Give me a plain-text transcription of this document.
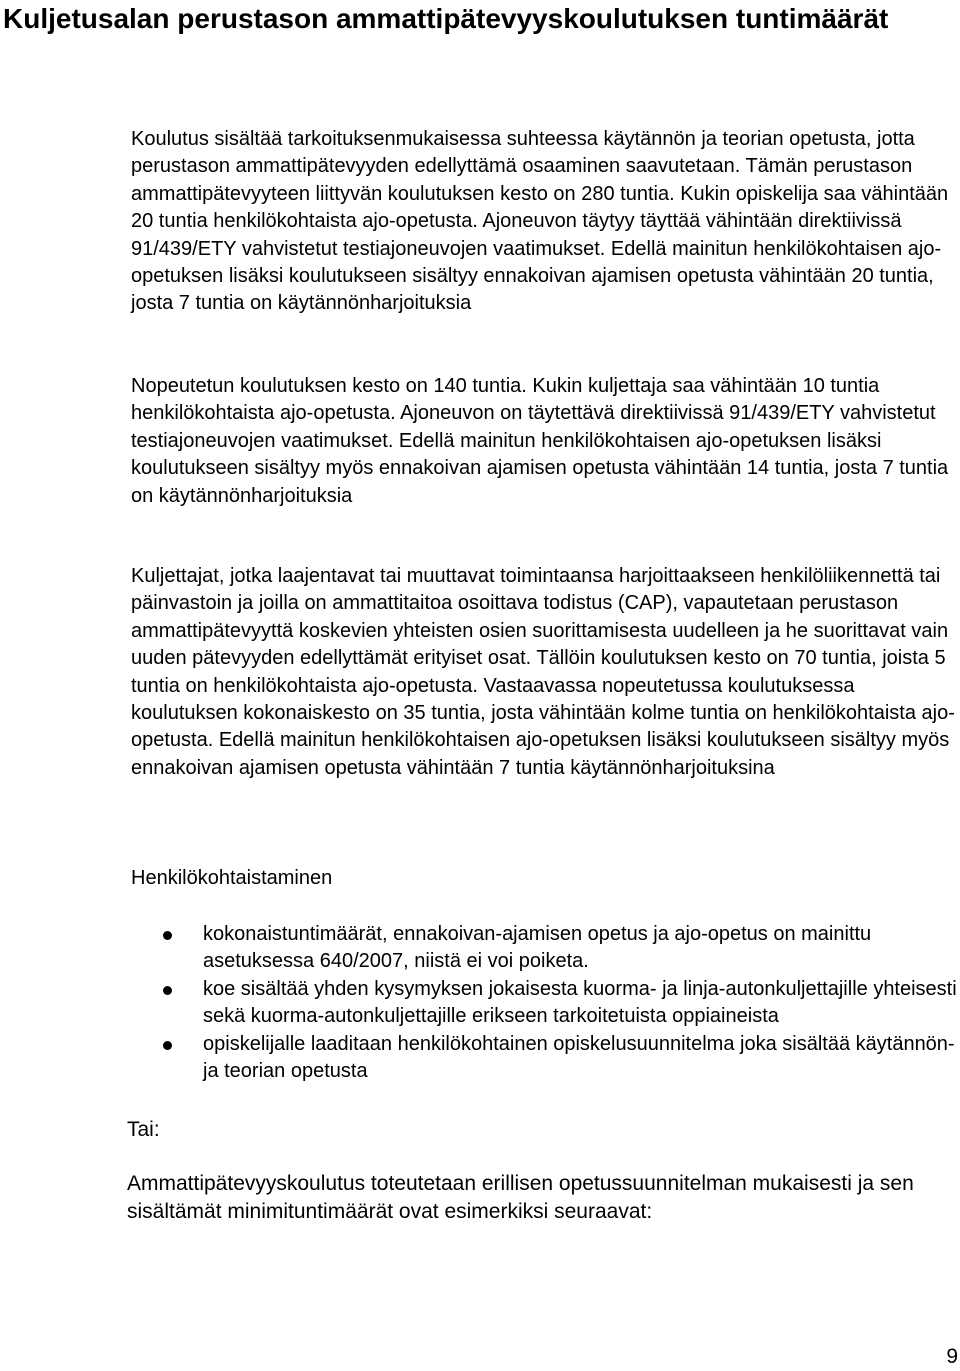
Kuljetusalan perustason ammattipätevyyskoulutuksen tuntimäärät

Koulutus sisältää tarkoituksenmukaisessa suhteessa käytännön ja teorian opetusta, jotta perustason ammattipätevyyden edellyttämä osaaminen saavutetaan. Tämän perustason ammattipätevyyteen liittyvän koulutuksen kesto on 280 tuntia. Kukin opiskelija saa vähintään 20 tuntia henkilökohtaista ajo-opetusta. Ajoneuvon täytyy täyttää vähintään direktiivissä 91/439/ETY vahvistetut testiajoneuvojen vaatimukset. Edellä mainitun henkilökohtaisen ajo-opetuksen lisäksi koulutukseen sisältyy ennakoivan ajamisen opetusta vähintään 20 tuntia, josta 7 tuntia on käytännönharjoituksia

Nopeutetun koulutuksen kesto on 140 tuntia. Kukin kuljettaja saa vähintään 10 tuntia henkilökohtaista ajo-opetusta. Ajoneuvon on täytettävä direktiivissä 91/439/ETY vahvistetut testiajoneuvojen vaatimukset. Edellä mainitun henkilökohtaisen ajo-opetuksen lisäksi koulutukseen sisältyy myös ennakoivan ajamisen opetusta vähintään 14 tuntia, josta 7 tuntia on käytännönharjoituksia

Kuljettajat, jotka laajentavat tai muuttavat toimintaansa harjoittaakseen henkilöliikennettä tai päinvastoin ja joilla on ammattitaitoa osoittava todistus (CAP), vapautetaan perustason ammattipätevyyttä koskevien yhteisten osien suorittamisesta uudelleen ja he suorittavat vain uuden pätevyyden edellyttämät erityiset osat. Tällöin koulutuksen kesto on 70 tuntia, joista 5 tuntia on henkilökohtaista ajo-opetusta. Vastaavassa nopeutetussa koulutuksessa koulutuksen kokonaiskesto on 35 tuntia, josta vähintään kolme tuntia on henkilökohtaista ajo-opetusta. Edellä mainitun henkilökohtaisen ajo-opetuksen lisäksi koulutukseen sisältyy myös ennakoivan ajamisen opetusta vähintään 7 tuntia käytännönharjoituksina

Henkilökohtaistaminen

kokonaistuntimäärät, ennakoivan-ajamisen opetus ja ajo-opetus on mainittu asetuksessa 640/2007, niistä ei voi poiketa.
koe sisältää yhden kysymyksen jokaisesta kuorma- ja linja-autonkuljettajille yhteisesti sekä kuorma-autonkuljettajille erikseen tarkoitetuista oppiaineista
opiskelijalle laaditaan henkilökohtainen opiskelusuunnitelma joka sisältää käytännön- ja teorian opetusta

Tai:

Ammattipätevyyskoulutus toteutetaan erillisen opetussuunnitelman mukaisesti ja sen sisältämät minimituntimäärät ovat esimerkiksi seuraavat:

9
